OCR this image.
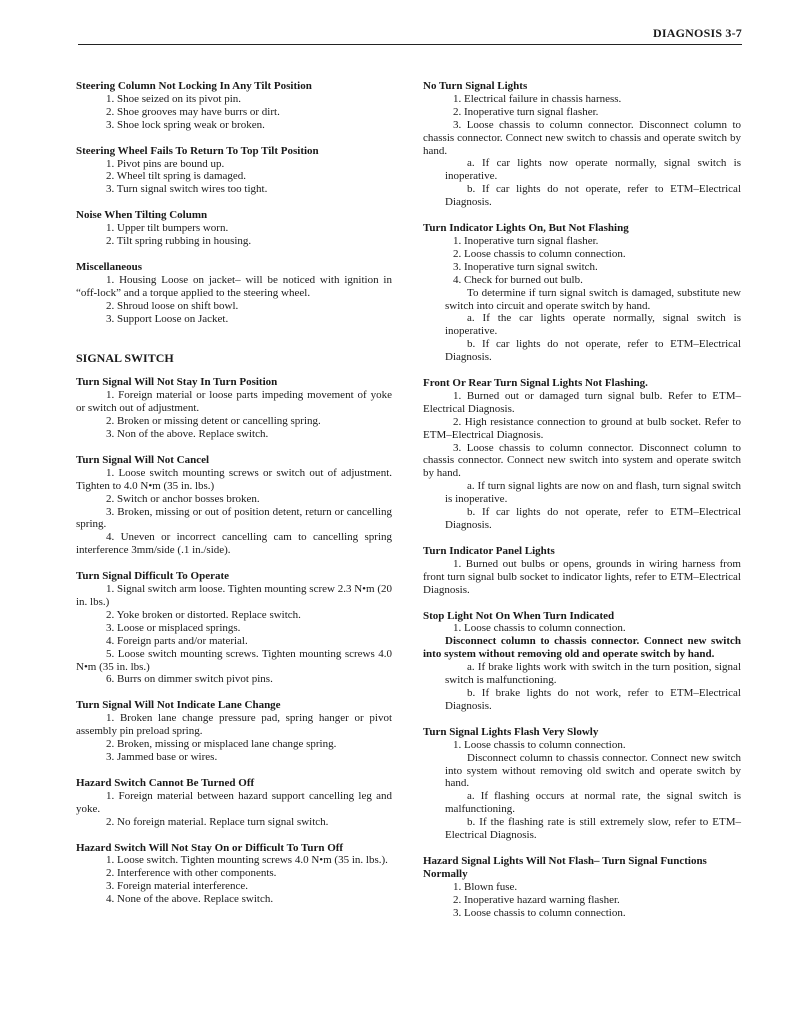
DIAGNOSIS 3-7

Steering Column Not Locking In Any Tilt Position

1. Shoe seized on its pivot pin.

2. Shoe grooves may have burrs or dirt.

3. Shoe lock spring weak or broken.

Steering Wheel Fails To Return To Top Tilt Position

1. Pivot pins are bound up.

2. Wheel tilt spring is damaged.

3. Turn signal switch wires too tight.

Noise When Tilting Column

1. Upper tilt bumpers worn.

2. Tilt spring rubbing in housing.

Miscellaneous

1. Housing Loose on jacket– will be noticed with ignition in “off-lock” and a torque applied to the steering wheel.

2. Shroud loose on shift bowl.

3. Support Loose on Jacket.

SIGNAL SWITCH

Turn Signal Will Not Stay In Turn Position

1. Foreign material or loose parts impeding movement of yoke or switch out of adjustment.

2. Broken or missing detent or cancelling spring.

3. Non of the above. Replace switch.

Turn Signal Will Not Cancel

1. Loose switch mounting screws or switch out of adjustment. Tighten to 4.0 N•m (35 in. lbs.)

2. Switch or anchor bosses broken.

3. Broken, missing or out of position detent, return or cancelling spring.

4. Uneven or incorrect cancelling cam to cancelling spring interference 3mm/side (.1 in./side).

Turn Signal Difficult To Operate

1. Signal switch arm loose. Tighten mounting screw 2.3 N•m (20 in. lbs.)

2. Yoke broken or distorted. Replace switch.

3. Loose or misplaced springs.

4. Foreign parts and/or material.

5. Loose switch mounting screws. Tighten mounting screws 4.0 N•m (35 in. lbs.)

6. Burrs on dimmer switch pivot pins.

Turn Signal Will Not Indicate Lane Change

1. Broken lane change pressure pad, spring hanger or pivot assembly pin preload spring.

2. Broken, missing or misplaced lane change spring.

3. Jammed base or wires.

Hazard Switch Cannot Be Turned Off

1. Foreign material between hazard support cancelling leg and yoke.

2. No foreign material. Replace turn signal switch.

Hazard Switch Will Not Stay On or Difficult To Turn Off

1. Loose switch. Tighten mounting screws 4.0 N•m (35 in. lbs.).

2. Interference with other components.

3. Foreign material interference.

4. None of the above. Replace switch.

No Turn Signal Lights

1. Electrical failure in chassis harness.

2. Inoperative turn signal flasher.

3. Loose chassis to column connector. Disconnect column to chassis connector. Connect new switch to chassis and operate switch by hand.

a. If car lights now operate normally, signal switch is inoperative.

b. If car lights do not operate, refer to ETM–Electrical Diagnosis.

Turn Indicator Lights On, But Not Flashing

1. Inoperative turn signal flasher.

2. Loose chassis to column connection.

3. Inoperative turn signal switch.

4. Check for burned out bulb.

To determine if turn signal switch is damaged, substitute new switch into circuit and operate switch by hand.

a. If the car lights operate normally, signal switch is inoperative.

b. If car lights do not operate, refer to ETM–Electrical Diagnosis.

Front Or Rear Turn Signal Lights Not Flashing.

1. Burned out or damaged turn signal bulb. Refer to ETM–Electrical Diagnosis.

2. High resistance connection to ground at bulb socket. Refer to ETM–Electrical Diagnosis.

3. Loose chassis to column connector. Disconnect column to chassis connector. Connect new switch into system and operate switch by hand.

a. If turn signal lights are now on and flash, turn signal switch is inoperative.

b. If car lights do not operate, refer to ETM–Electrical Diagnosis.

Turn Indicator Panel Lights

1. Burned out bulbs or opens, grounds in wiring harness from front turn signal bulb socket to indicator lights, refer to ETM–Electrical Diagnosis.

Stop Light Not On When Turn Indicated

1. Loose chassis to column connection.

Disconnect column to chassis connector. Connect new switch into system without removing old and operate switch by hand.

a. If brake lights work with switch in the turn position, signal switch is malfunctioning.

b. If brake lights do not work, refer to ETM–Electrical Diagnosis.

Turn Signal Lights Flash Very Slowly

1. Loose chassis to column connection.

Disconnect column to chassis connector. Connect new switch into system without removing old switch and operate switch by hand.

a. If flashing occurs at normal rate, the signal switch is malfunctioning.

b. If the flashing rate is still extremely slow, refer to ETM–Electrical Diagnosis.

Hazard Signal Lights Will Not Flash– Turn Signal Functions Normally

1. Blown fuse.

2. Inoperative hazard warning flasher.

3. Loose chassis to column connection.
